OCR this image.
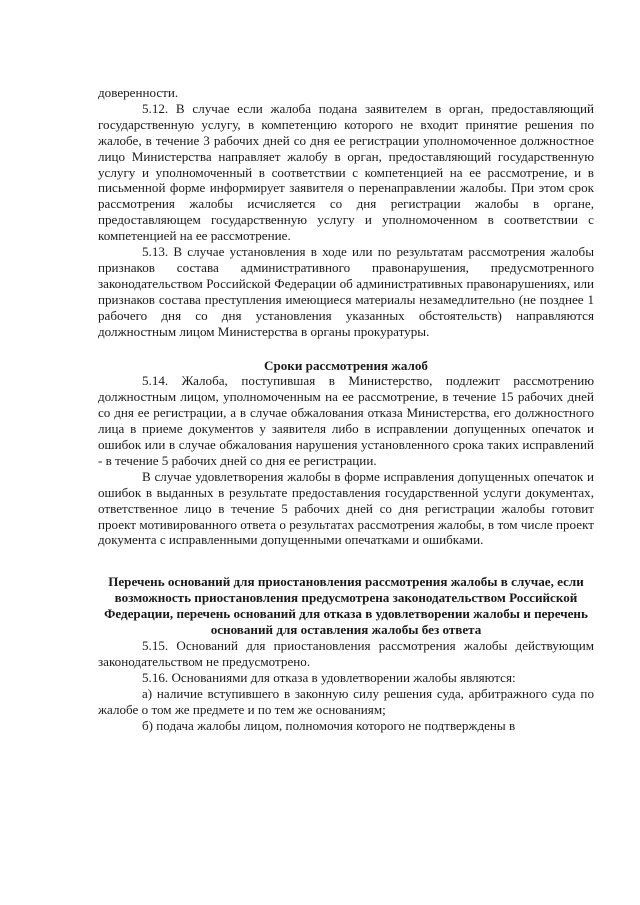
доверенности.

5.12. В случае если жалоба подана заявителем в орган, предоставляющий государственную услугу, в компетенцию которого не входит принятие решения по жалобе, в течение 3 рабочих дней со дня ее регистрации уполномоченное должностное лицо Министерства направляет жалобу в орган, предоставляющий государственную услугу и уполномоченный в соответствии с компетенцией на ее рассмотрение, и в письменной форме информирует заявителя о перенаправлении жалобы. При этом срок рассмотрения жалобы исчисляется со дня регистрации жалобы в органе, предоставляющем государственную услугу и уполномоченном в соответствии с компетенцией на ее рассмотрение.

5.13. В случае установления в ходе или по результатам рассмотрения жалобы признаков состава административного правонарушения, предусмотренного законодательством Российской Федерации об административных правонарушениях, или признаков состава преступления имеющиеся материалы незамедлительно (не позднее 1 рабочего дня со дня установления указанных обстоятельств) направляются должностным лицом Министерства в органы прокуратуры.

Сроки рассмотрения жалоб

5.14. Жалоба, поступившая в Министерство, подлежит рассмотрению должностным лицом, уполномоченным на ее рассмотрение, в течение 15 рабочих дней со дня ее регистрации, а в случае обжалования отказа Министерства, его должностного лица в приеме документов у заявителя либо в исправлении допущенных опечаток и ошибок или в случае обжалования нарушения установленного срока таких исправлений - в течение 5 рабочих дней со дня ее регистрации.

В случае удовлетворения жалобы в форме исправления допущенных опечаток и ошибок в выданных в результате предоставления государственной услуги документах, ответственное лицо в течение 5 рабочих дней со дня регистрации жалобы готовит проект мотивированного ответа о результатах рассмотрения жалобы, в том числе проект документа с исправленными допущенными опечатками и ошибками.

Перечень оснований для приостановления рассмотрения жалобы в случае, если возможность приостановления предусмотрена законодательством Российской Федерации, перечень оснований для отказа в удовлетворении жалобы и перечень оснований для оставления жалобы без ответа

5.15. Оснований для приостановления рассмотрения жалобы действующим законодательством не предусмотрено.

5.16. Основаниями для отказа в удовлетворении жалобы являются:

а) наличие вступившего в законную силу решения суда, арбитражного суда по жалобе о том же предмете и по тем же основаниям;

б) подача жалобы лицом, полномочия которого не подтверждены в
